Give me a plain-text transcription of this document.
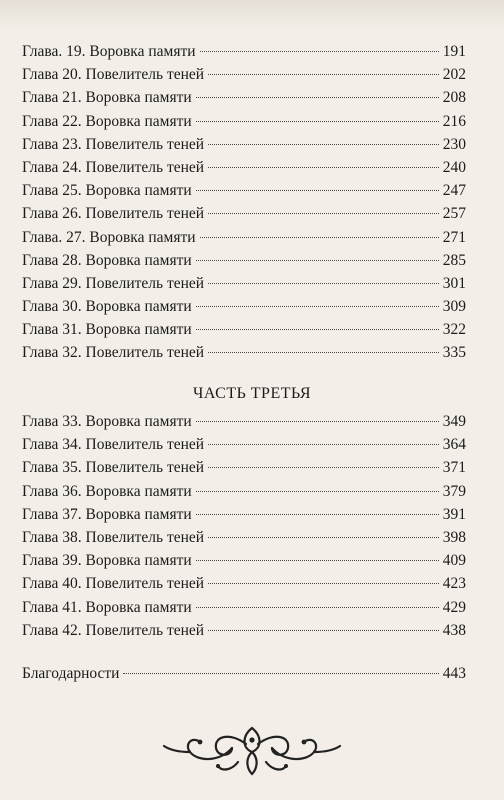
Глава. 19. Воровка памяти	191
Глава 20. Повелитель теней	202
Глава 21. Воровка памяти	208
Глава 22. Воровка памяти	216
Глава 23. Повелитель теней	230
Глава 24. Повелитель теней	240
Глава 25. Воровка памяти	247
Глава 26. Повелитель теней	257
Глава. 27. Воровка памяти	271
Глава 28. Воровка памяти	285
Глава 29. Повелитель теней	301
Глава 30. Воровка памяти	309
Глава 31. Воровка памяти	322
Глава 32. Повелитель теней	335
ЧАСТЬ ТРЕТЬЯ
Глава 33. Воровка памяти	349
Глава 34. Повелитель теней	364
Глава 35. Повелитель теней	371
Глава 36. Воровка памяти	379
Глава 37. Воровка памяти	391
Глава 38. Повелитель теней	398
Глава 39. Воровка памяти	409
Глава 40. Повелитель теней	423
Глава 41. Воровка памяти	429
Глава 42. Повелитель теней	438
Благодарности	443
